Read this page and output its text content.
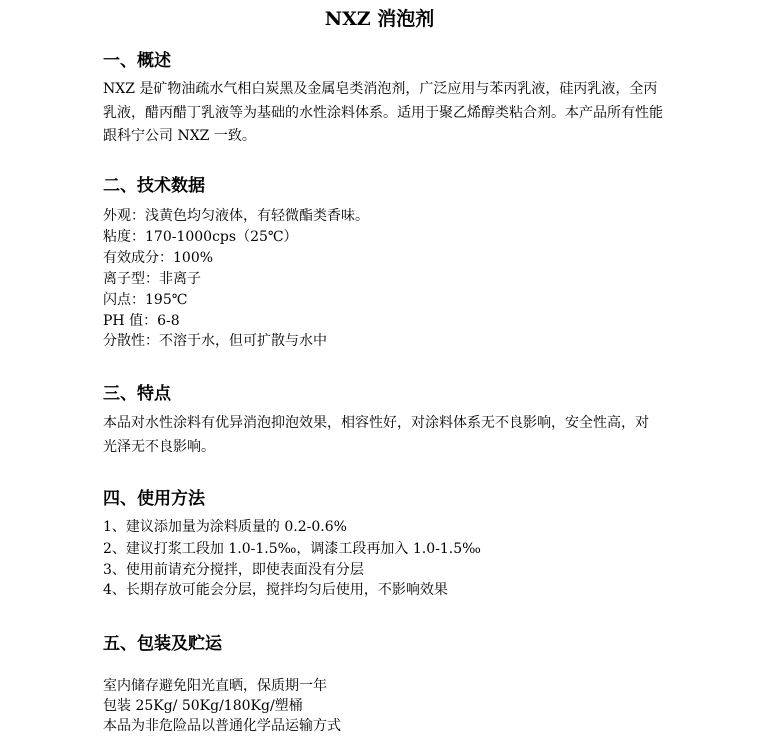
NXZ 消泡剂
一、概述
NXZ 是矿物油疏水气相白炭黑及金属皂类消泡剂，广泛应用与苯丙乳液，硅丙乳液，全丙乳液，醋丙醋丁乳液等为基础的水性涂料体系。适用于聚乙烯醇类粘合剂。本产品所有性能跟科宁公司 NXZ 一致。
二、技术数据
外观：浅黄色均匀液体，有轻微酯类香味。
粘度：170-1000cps（25℃）
有效成分：100%
离子型：非离子
闪点：195℃
PH 值：6-8
分散性：不溶于水，但可扩散与水中
三、特点
本品对水性涂料有优异消泡抑泡效果，相容性好，对涂料体系无不良影响，安全性高，对光泽无不良影响。
四、使用方法
1、建议添加量为涂料质量的 0.2-0.6%
2、建议打浆工段加 1.0-1.5‰，调漆工段再加入 1.0-1.5‰
3、使用前请充分搅拌，即使表面没有分层
4、长期存放可能会分层，搅拌均匀后使用，不影响效果
五、包装及贮运
室内储存避免阳光直晒，保质期一年
包装 25Kg/ 50Kg/180Kg/塑桶
本品为非危险品以普通化学品运输方式
